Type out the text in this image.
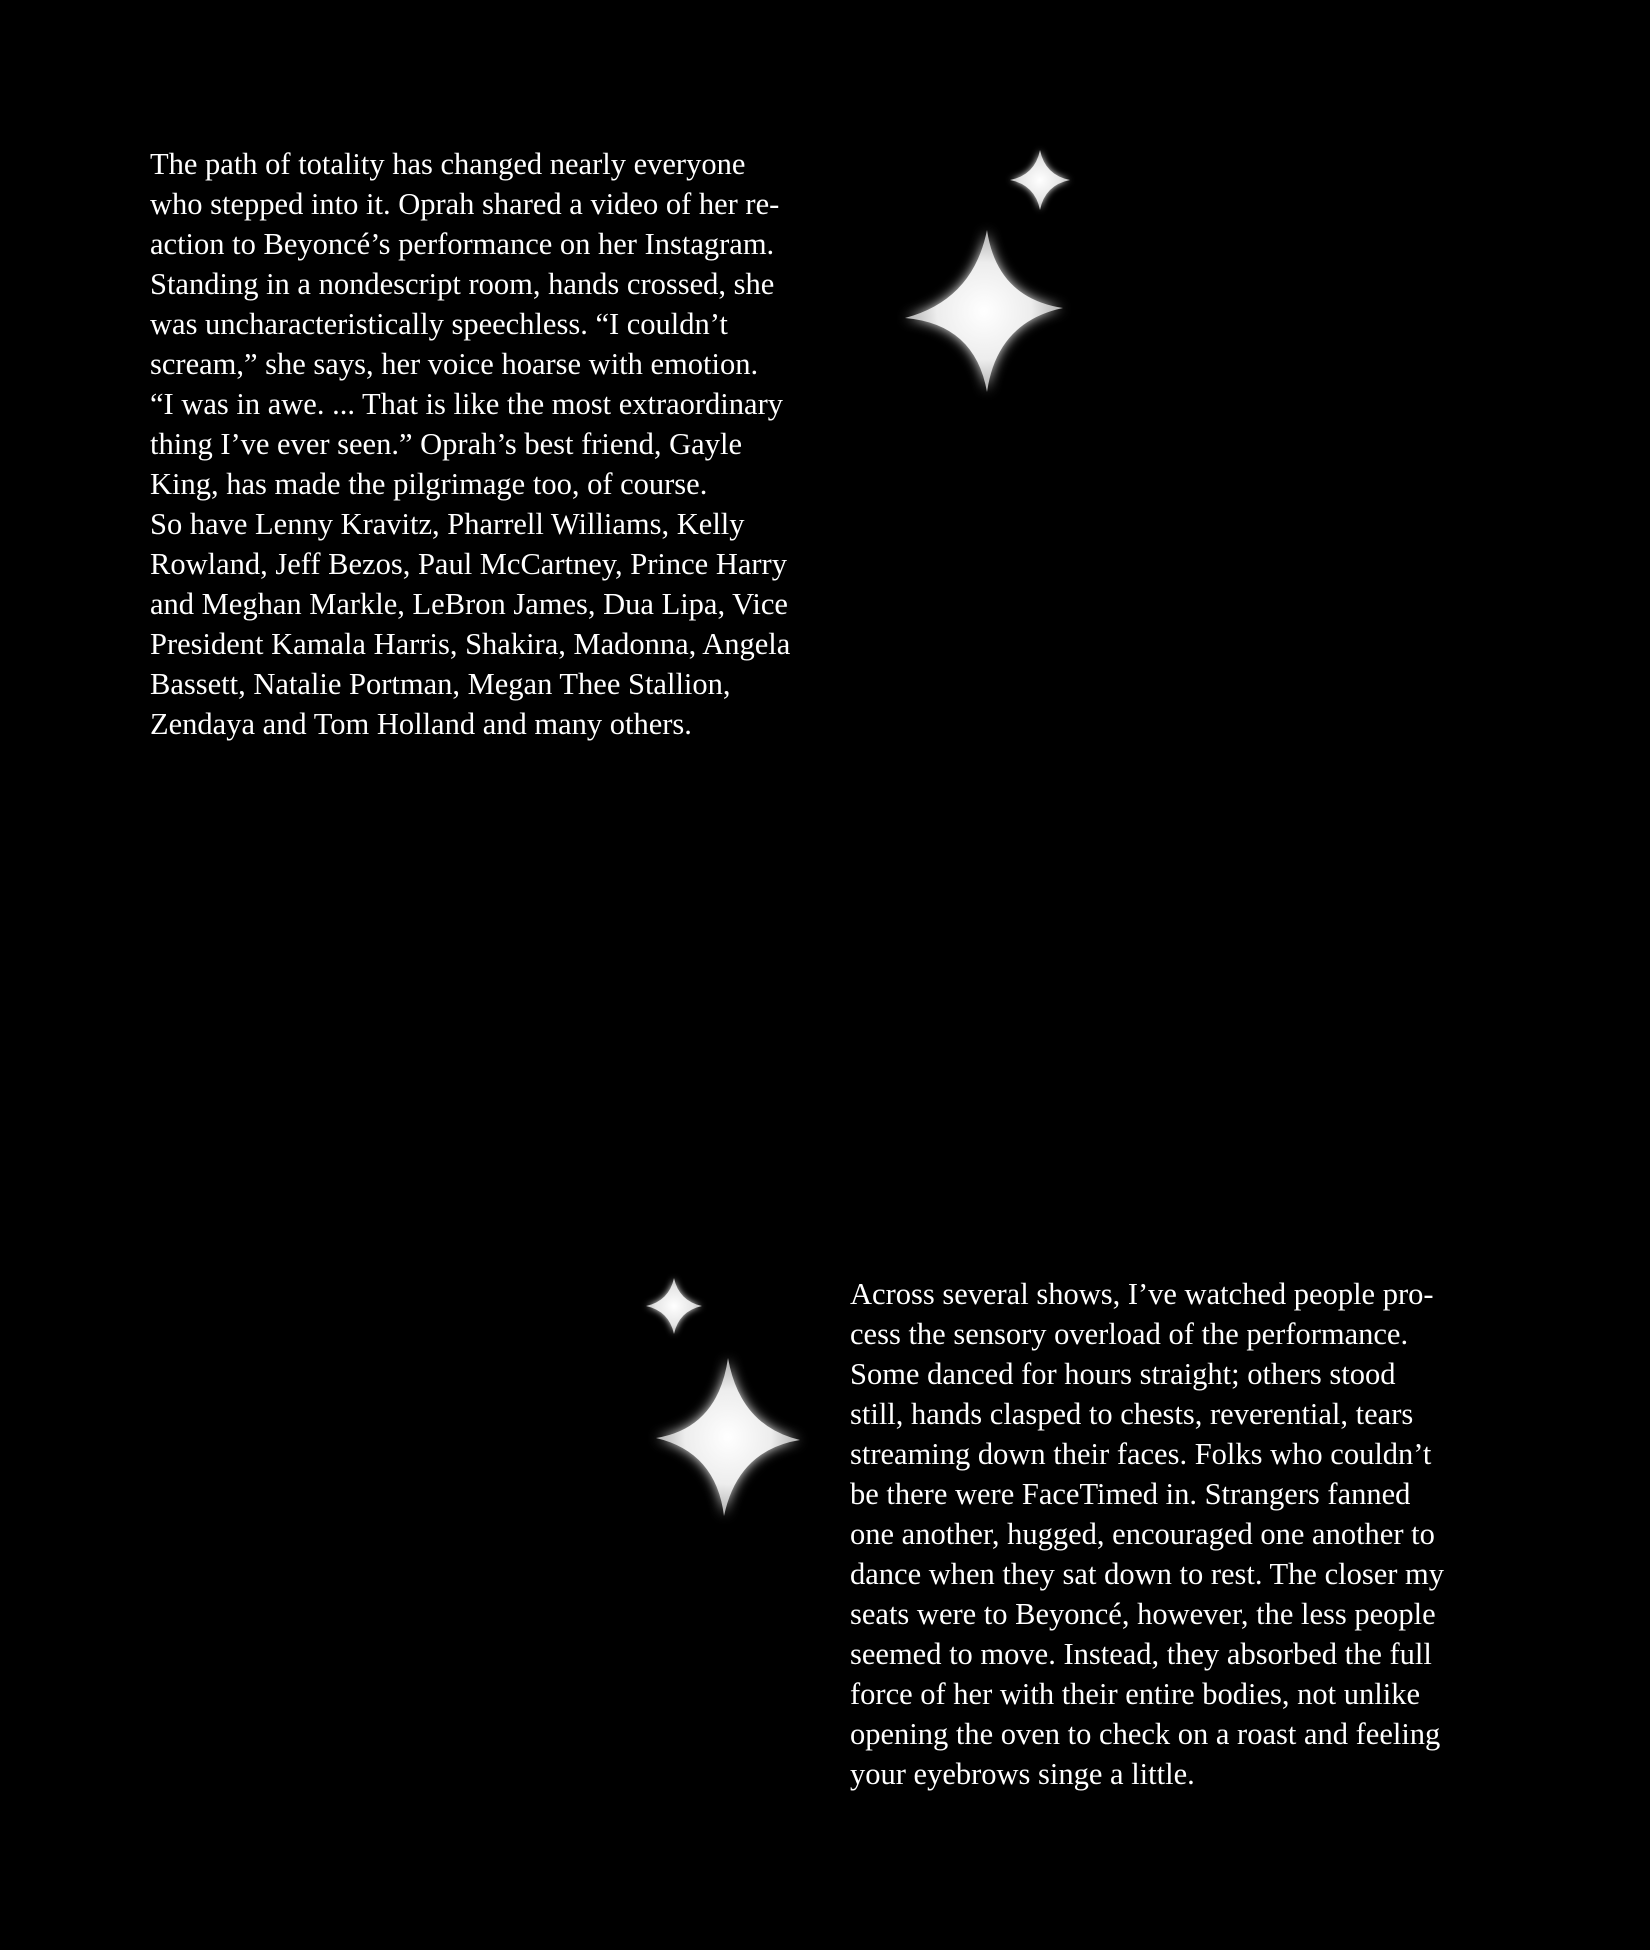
The path of totality has changed nearly everyone
who stepped into it. Oprah shared a video of her re-
action to Beyoncé’s performance on her Instagram.
Standing in a nondescript room, hands crossed, she
was uncharacteristically speechless. “I couldn’t
scream,” she says, her voice hoarse with emotion.
“I was in awe. ... That is like the most extraordinary
thing I’ve ever seen.” Oprah’s best friend, Gayle
King, has made the pilgrimage too, of course.
So have Lenny Kravitz, Pharrell Williams, Kelly
Rowland, Jeff Bezos, Paul McCartney, Prince Harry
and Meghan Markle, LeBron James, Dua Lipa, Vice
President Kamala Harris, Shakira, Madonna, Angela
Bassett, Natalie Portman, Megan Thee Stallion,
Zendaya and Tom Holland and many others.
Across several shows, I’ve watched people pro-
cess the sensory overload of the performance.
Some danced for hours straight; others stood
still, hands clasped to chests, reverential, tears
streaming down their faces. Folks who couldn’t
be there were FaceTimed in. Strangers fanned
one another, hugged, encouraged one another to
dance when they sat down to rest. The closer my
seats were to Beyoncé, however, the less people
seemed to move. Instead, they absorbed the full
force of her with their entire bodies, not unlike
opening the oven to check on a roast and feeling
your eyebrows singe a little.
